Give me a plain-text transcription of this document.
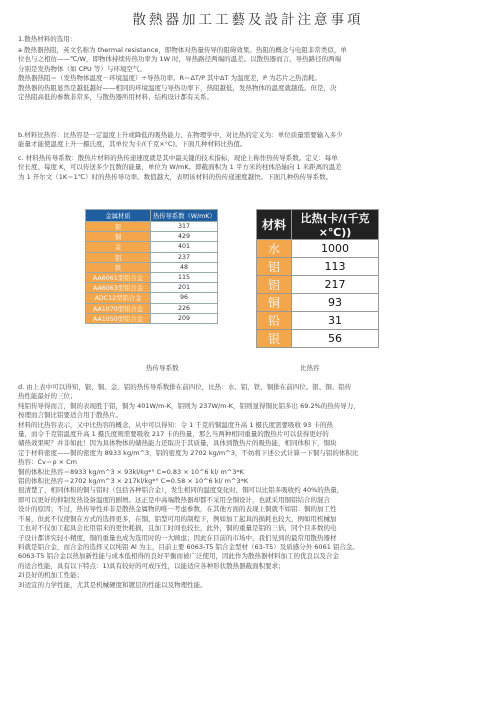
散熱器加工工藝及設計注意事項
1.散热材料的选用：

a 散热器热阻，英文名称为 thermal resistance，即物体对热量传导的阻碍效果。热阻的概念与电阻非常类似，单

位也与之相仿——℃/W，即物体持续传热功率为 1W 时，导热路径两端的温差。以散热器而言，导热路径的两端

分别是发热物体（如 CPU 等）与环境空气。

散热器热阻＝（发热物体温度－环境温度）÷导热功率。R＝ΔT/P 其中ΔT 为温度差，P 为芯片之热消耗。

散热器的热阻显然是越低越好——相同的环境温度与导热功率下，热阻越低，发热物体的温度就越低。但是，决

定热阻高低的参数非常多，与散热器所用材料、结构设计都有关系。

b.材料比热容：比热容是一定温度上升或降低的吸热能力，在物理学中，对比热的定义为：单位质量需要输入多少

能量才能使温度上升一摄氏度，其单位为卡/(千克×°C)。下面几种材料比热值。

c. 材料热传导系数：散热片材料的热传递速度就是其中最关键的技术指标，现论上称作热传导系数。定义：每单

位长度、每度 K，可以传送多少瓦数的能量，单位为 W/mK。即截面积为 1 平方米的柱体沿轴向 1 米距离的温差

为 1 开尔文（1K＝1℃）时的热传导功率。数值越大，表明该材料的热传递速度越快。下面几种热传导系数。

金属材质	热传导系数（W/mK）
银	317
铜	429
金	401
铝	237
铁	48
AA6061型铝合金	115
AA6063型铝合金	201
ADC12型铝合金	96
AA1070型铝合金	226
AA1050型铝合金	209
材料	比热(卡/(千克×℃))
水	1000
铝	113
铝	217
铜	93
铅	31
银	56
热传导系数	比热容

d. 由上表中可以得知，银、铜、金、铝的热传导系数排在前四位，比热：水、铝、铁、铜排在前四位。银、铜、铝传

热性能最好的三位；

纯铝传导得而言，铜的表现胜于铝，铜为 401W/m-K，铝则为 237W/m-K，铝则显得铜比铝多出 69.2%的热传导力，

按理而言铜比铝要适合用于散热片。

材料的比热容表示，又中比热容的概念，从中可以得知：令 1 千克的铜温度升高 1 摄氏度需要吸收 93 卡的热

量，而令千克铝温度升高 1 摄氏度则需要吸收 217 卡的热量，那么当两种相同重量的散热片可以获得更好的

储热效果呢？并非如此！因为具体物体的储热能力还取决于其质量，具体到散热片的吸热能，相同体积下，铜块

定于材料密度——铜的密度为 8933 kg/m^3，铝的密度为 2702 kg/m^3，不妨将下述公式计算一下铜与铝的体积比

热容：Cv＝ρ × Cm

铜的体积比热容＝8933 kg/m^3 × 93kl/kg*° C≈0.83 × 10^6 kl/ m^3*K

铝的体积比热容＝2702 kg/m^3 × 217kl/kg*° C≈0.58 × 10^6 kl/ m^3*K

很清楚了，相同体积的铜与铝时（包括各种铝合金），发生相同的温度变化时，铜可以比铝多吸收约 40%的热量，

即可以更好的抑制发热设备温度的剧增。这正是中高端散热器却都不采用全铜设计，也就采用铜铝结合的混合

设计的原因；不过，热传导性并非是散热金属物的唯一考虑参数，在其他方面的表现上铜就不如铝：铜的加工性

不易，但此不仅使铜在方式的选择更多，在铜、铝型可用的制程下，例如加工起具的损耗也较大，例如用机械加

工也对不仅加工起具会比用铝来的更快耗损，且加工时间也较长，此外，铜的重量是铝的三倍，同个目多数的电

子设计都讲究轻小精度，铜的重量也成为选用时的一大顾虑；因此在目前的市场中，我们见到的最常用散热器材

料就是铝合金，而合金的选择又以纯铝 Al 为主，目前主要 6063-T5 铝合金型材（63-T5）及质感分外 6061 铝合金。

6063-T5 铝合金以热加新性能与成本低相得的良好平衡而被广泛使用，因此作为散热器材料加工的优良以及合金

的适合性能，具有以下特点：1)具有较好的可成压性，以能适应各种形状散热器截面积要求；

2)良好的机加工性能；

3)适宜的力学性能，尤其是机械硬度和镀层的性能以及物理性能。
